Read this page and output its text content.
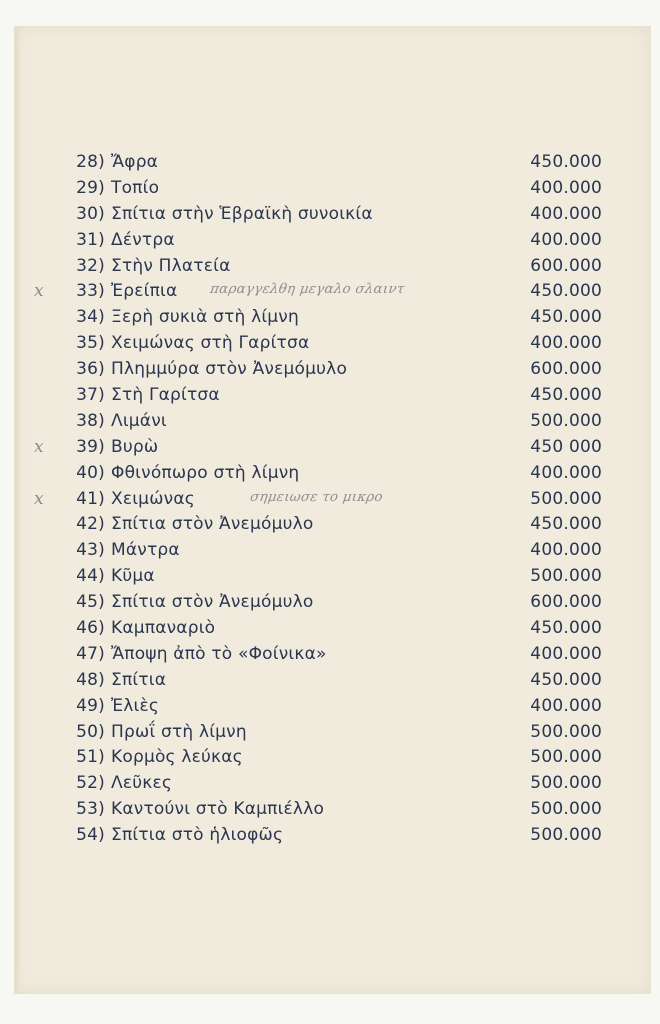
28) Ἄφρα	450.000
29) Τοπίο	400.000
30) Σπίτια στὴν Ἑβραϊκὴ συνοικία	400.000
31) Δέντρα	400.000
32) Στὴν Πλατεία	600.000
x	33) Ἐρείπια παραγγελθη μεγαλο σλαιντ	450.000
34) Ξερὴ συκιὰ στὴ λίμνη	450.000
35) Χειμώνας στὴ Γαρίτσα	400.000
36) Πλημμύρα στὸν Ἀνεμόμυλο	600.000
37) Στὴ Γαρίτσα	450.000
38) Λιμάνι	500.000
x	39) Βυρὼ	450 000
40) Φθινόπωρο στὴ λίμνη	400.000
x	41) Χειμώνας	σημειωσε το μικρο	500.000
42) Σπίτια στὸν Ἀνεμόμυλο	450.000
43) Μάντρα	400.000
44) Κῦμα	500.000
45) Σπίτια στὸν Ἀνεμόμυλο	600.000
46) Καμπαναριὸ	450.000
47) Ἄποψη ἀπὸ τὸ «Φοίνικα»	400.000
48) Σπίτια	450.000
49) Ἐλιὲς	400.000
50) Πρωΐ στὴ λίμνη	500.000
51) Κορμὸς λεύκας	500.000
52) Λεῦκες	500.000
53) Καντούνι στὸ Καμπιέλλο	500.000
54) Σπίτια στὸ ἡλιοφῶς	500.000
